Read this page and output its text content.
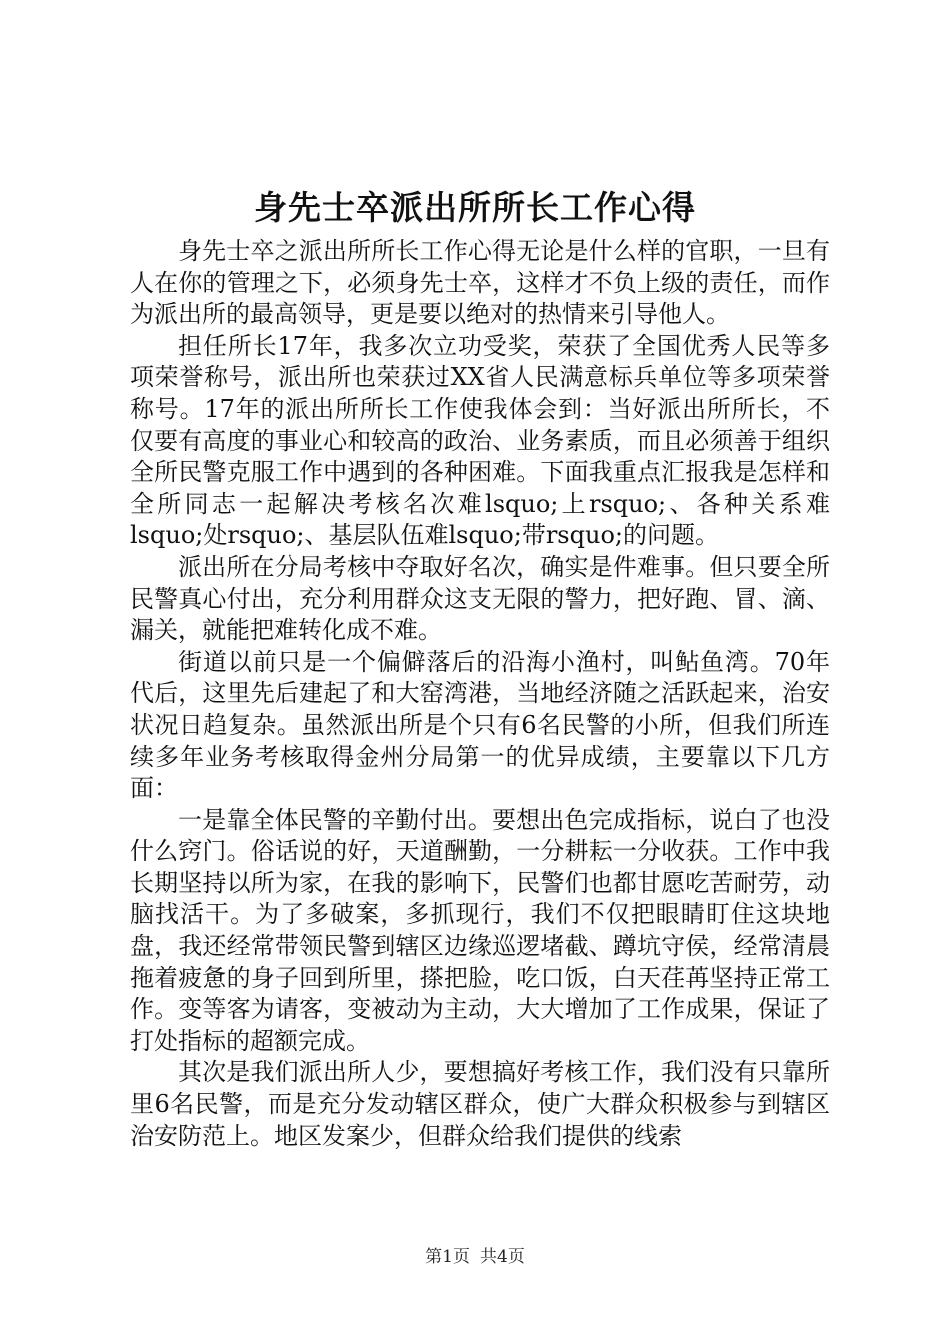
身先士卒派出所所长工作心得

身先士卒之派出所所长工作心得无论是什么样的官职，一旦有人在你的管理之下，必须身先士卒，这样才不负上级的责任，而作为派出所的最高领导，更是要以绝对的热情来引导他人。

担任所长17年，我多次立功受奖，荣获了全国优秀人民等多项荣誉称号，派出所也荣获过XX省人民满意标兵单位等多项荣誉称号。17年的派出所所长工作使我体会到：当好派出所所长，不仅要有高度的事业心和较高的政治、业务素质，而且必须善于组织全所民警克服工作中遇到的各种困难。下面我重点汇报我是怎样和全所同志一起解决考核名次难lsquo;上rsquo;、各种关系难lsquo;处rsquo;、基层队伍难lsquo;带rsquo;的问题。

派出所在分局考核中夺取好名次，确实是件难事。但只要全所民警真心付出，充分利用群众这支无限的警力，把好跑、冒、滴、漏关，就能把难转化成不难。

街道以前只是一个偏僻落后的沿海小渔村，叫鲇鱼湾。70年代后，这里先后建起了和大窑湾港，当地经济随之活跃起来，治安状况日趋复杂。虽然派出所是个只有6名民警的小所，但我们所连续多年业务考核取得金州分局第一的优异成绩，主要靠以下几方面：

一是靠全体民警的辛勤付出。要想出色完成指标，说白了也没什么窍门。俗话说的好，天道酬勤，一分耕耘一分收获。工作中我长期坚持以所为家，在我的影响下，民警们也都甘愿吃苦耐劳，动脑找活干。为了多破案，多抓现行，我们不仅把眼睛盯住这块地盘，我还经常带领民警到辖区边缘巡逻堵截、蹲坑守侯，经常清晨拖着疲惫的身子回到所里，搽把脸，吃口饭，白天荏苒坚持正常工作。变等客为请客，变被动为主动，大大增加了工作成果，保证了打处指标的超额完成。

其次是我们派出所人少，要想搞好考核工作，我们没有只靠所里6名民警，而是充分发动辖区群众，使广大群众积极参与到辖区治安防范上。地区发案少，但群众给我们提供的线索

第1页 共4页
